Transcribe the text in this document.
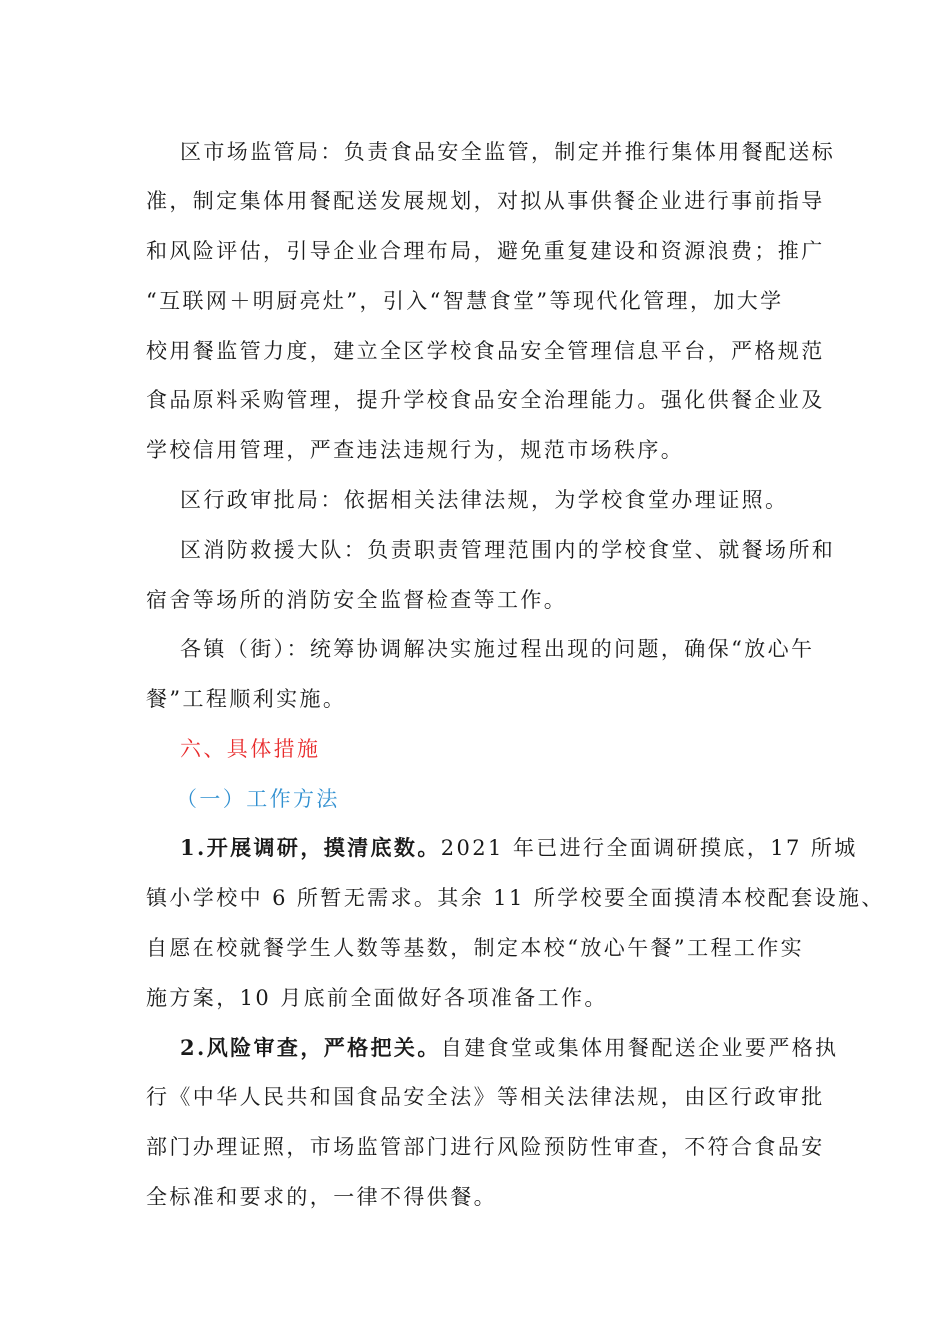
区市场监管局：负责食品安全监管，制定并推行集体用餐配送标
准，制定集体用餐配送发展规划，对拟从事供餐企业进行事前指导
和风险评估，引导企业合理布局，避免重复建设和资源浪费；推广
“互联网＋明厨亮灶”，引入“智慧食堂”等现代化管理，加大学
校用餐监管力度，建立全区学校食品安全管理信息平台，严格规范
食品原料采购管理，提升学校食品安全治理能力。强化供餐企业及
学校信用管理，严查违法违规行为，规范市场秩序。
区行政审批局：依据相关法律法规，为学校食堂办理证照。
区消防救援大队：负责职责管理范围内的学校食堂、就餐场所和
宿舍等场所的消防安全监督检查等工作。
各镇（街）：统筹协调解决实施过程出现的问题，确保“放心午
餐”工程顺利实施。
六、具体措施
（一）工作方法
1.开展调研，摸清底数。2021 年已进行全面调研摸底，17 所城
镇小学校中 6 所暂无需求。其余 11 所学校要全面摸清本校配套设施、
自愿在校就餐学生人数等基数，制定本校“放心午餐”工程工作实
施方案，10 月底前全面做好各项准备工作。
2.风险审查，严格把关。自建食堂或集体用餐配送企业要严格执
行《中华人民共和国食品安全法》等相关法律法规，由区行政审批
部门办理证照，市场监管部门进行风险预防性审查，不符合食品安
全标准和要求的，一律不得供餐。
